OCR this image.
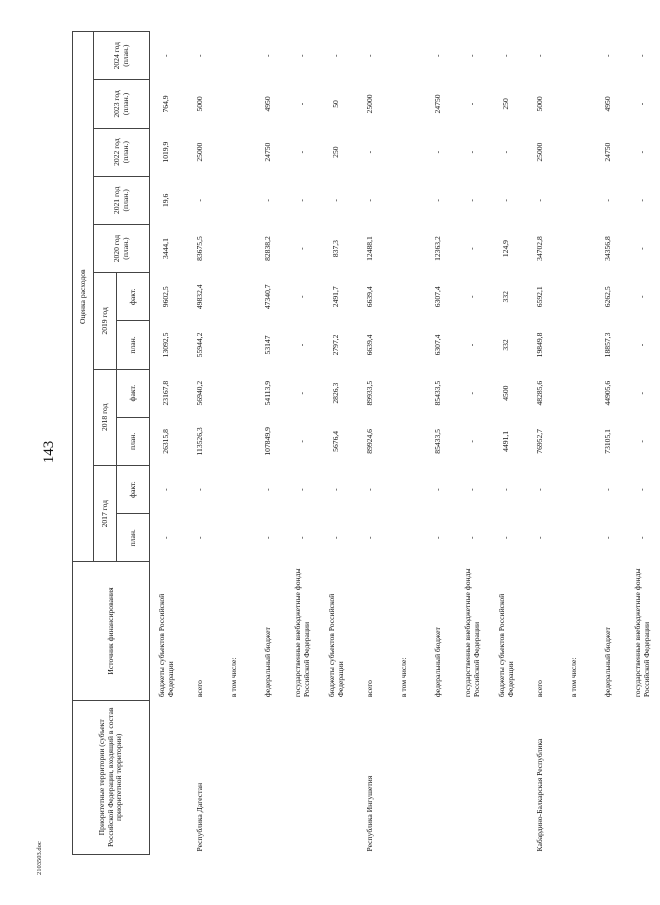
143
2103503.doc
Приоритетные территории (субъект Российской Федерации, входящий в состав приоритетной территории)	Источник финансирования	Оценка расходов										
		2017 год		2018 год		2019 год		2020 год (план.)	2021 год (план.)	2022 год (план.)	2023 год (план.)	2024 год (план.)
		план.	факт.	план.	факт.	план.	факт.					
	бюджеты субъектов Российской Федерации	-	-	26315,8	23167,8	13092,5	9602,5	3444,1	19,6	1019,9	764,9	-
Республика Дагестан	всего	-	-	113526,3	56940,2	55944,2	49832,4	83675,5	-	25000	5000	-
	в том числе:											
	федеральный бюджет	-	-	107849,9	54113,9	53147	47340,7	82838,2	-	24750	4950	-
	государственные внебюджетные фонды Российской Федерации	-	-	-	-	-	-	-	-	-	-	-
	бюджеты субъектов Российской Федерации	-	-	5676,4	2826,3	2797,2	2491,7	837,3	-	250	50	-
Республика Ингушетия	всего	-	-	89924,6	89933,5	6639,4	6639,4	12488,1	-	-	25000	-
	в том числе:											
	федеральный бюджет	-	-	85433,5	85433,5	6307,4	6307,4	12363,2	-	-	24750	-
	государственные внебюджетные фонды Российской Федерации	-	-	-	-	-	-	-	-	-	-	-
	бюджеты субъектов Российской Федерации	-	-	4491,1	4500	332	332	124,9	-	-	250	-
Кабардино-Балкарская Республика	всего	-	-	76952,7	48285,6	19849,8	6592,1	34702,8	-	25000	5000	-
	в том числе:											
	федеральный бюджет	-	-	73105,1	44905,6	18857,3	6262,5	34356,8	-	24750	4950	-
	государственные внебюджетные фонды Российской Федерации	-	-	-	-	-	-	-	-	-	-	-
